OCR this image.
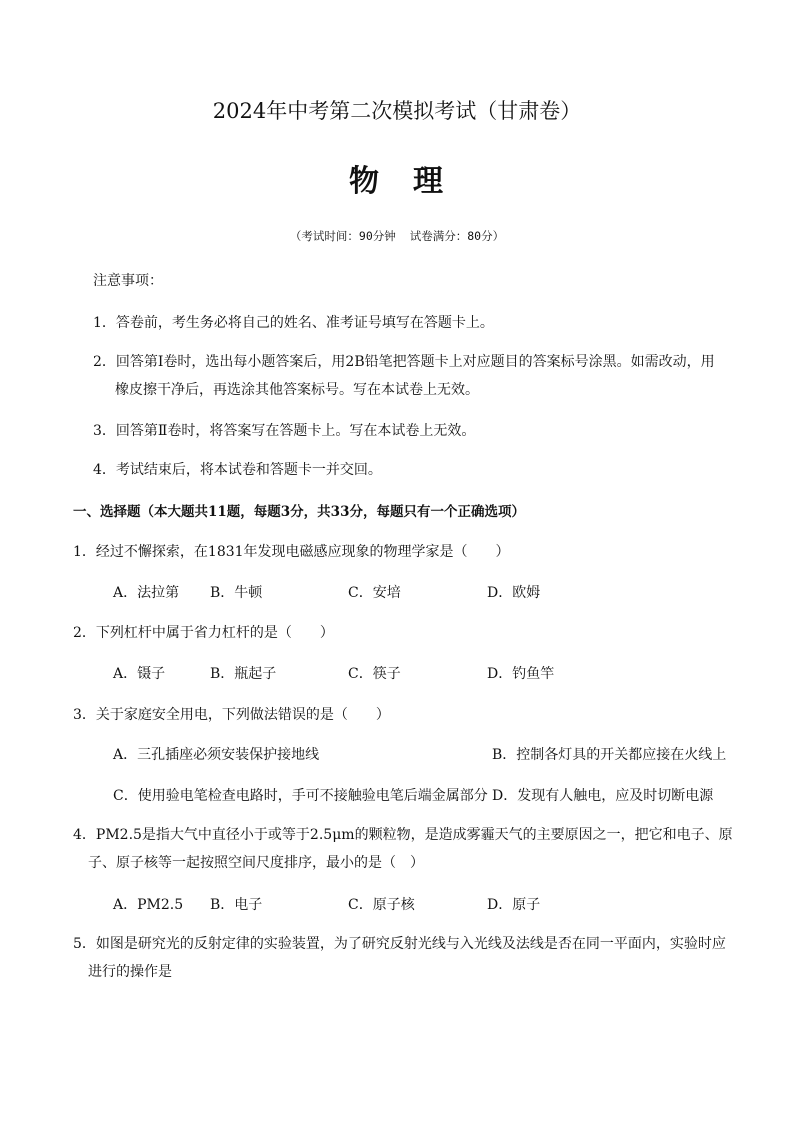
2024年中考第二次模拟考试（甘肃卷）
物 理
（考试时间：90分钟 试卷满分：80分）
注意事项：
1．答卷前，考生务必将自己的姓名、准考证号填写在答题卡上。
2．回答第Ⅰ卷时，选出每小题答案后，用2B铅笔把答题卡上对应题目的答案标号涂黑。如需改动，用
橡皮擦干净后，再选涂其他答案标号。写在本试卷上无效。
3．回答第Ⅱ卷时，将答案写在答题卡上。写在本试卷上无效。
4．考试结束后，将本试卷和答题卡一并交回。
一、选择题（本大题共11题，每题3分，共33分，每题只有一个正确选项）
1．经过不懈探索，在1831年发现电磁感应现象的物理学家是（　　）
A．法拉第 B．牛顿	C．安培	D．欧姆
2．下列杠杆中属于省力杠杆的是（　　）
A．镊子	B．瓶起子	C．筷子	D．钓鱼竿
3．关于家庭安全用电，下列做法错误的是（　　）
A．三孔插座必须安装保护接地线	B．控制各灯具的开关都应接在火线上
C．使用验电笔检查电路时，手可不接触验电笔后端金属部分 D．发现有人触电，应及时切断电源
4．PM2.5是指大气中直径小于或等于2.5μm的颗粒物，是造成雾霾天气的主要原因之一，把它和电子、原
子、原子核等一起按照空间尺度排序，最小的是（　）
A．PM2.5 B．电子	C．原子核	D．原子
5．如图是研究光的反射定律的实验装置，为了研究反射光线与入光线及法线是否在同一平面内，实验时应
进行的操作是
